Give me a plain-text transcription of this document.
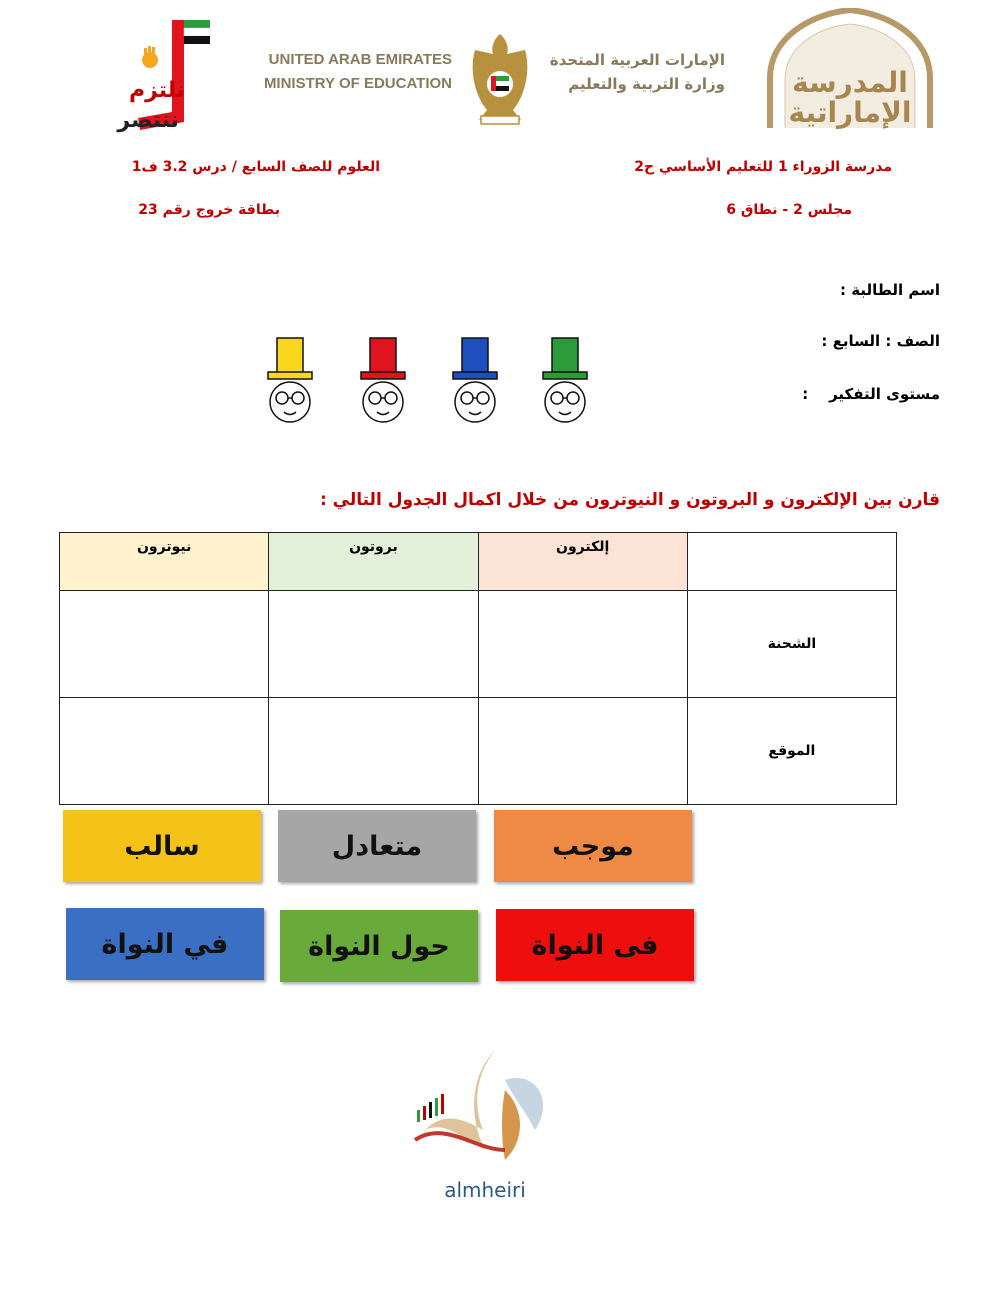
نلتزم
ننتصر
UNITED ARAB EMIRATES
MINISTRY OF EDUCATION
الإمارات العربية المتحدة
وزارة التربية والتعليم	المدرسة
الإماراتية
مدرسة الزوراء 1 للتعليم الأساسي ح2
مجلس 2 - نطاق 6
العلوم للصف السابع / درس 3.2 ف1
بطاقة خروج رقم 23
اسم الطالبة :
الصف : السابع :
مستوى التفكير    :
قارن بين الإلكترون و البروتون و النيوترون من خلال اكمال الجدول التالي :
	إلكترون	بروتون	نيوترون
الشحنة			
الموقع			
موجب
متعادل
سالب
فى النواة
حول النواة
في النواة
almheiri
